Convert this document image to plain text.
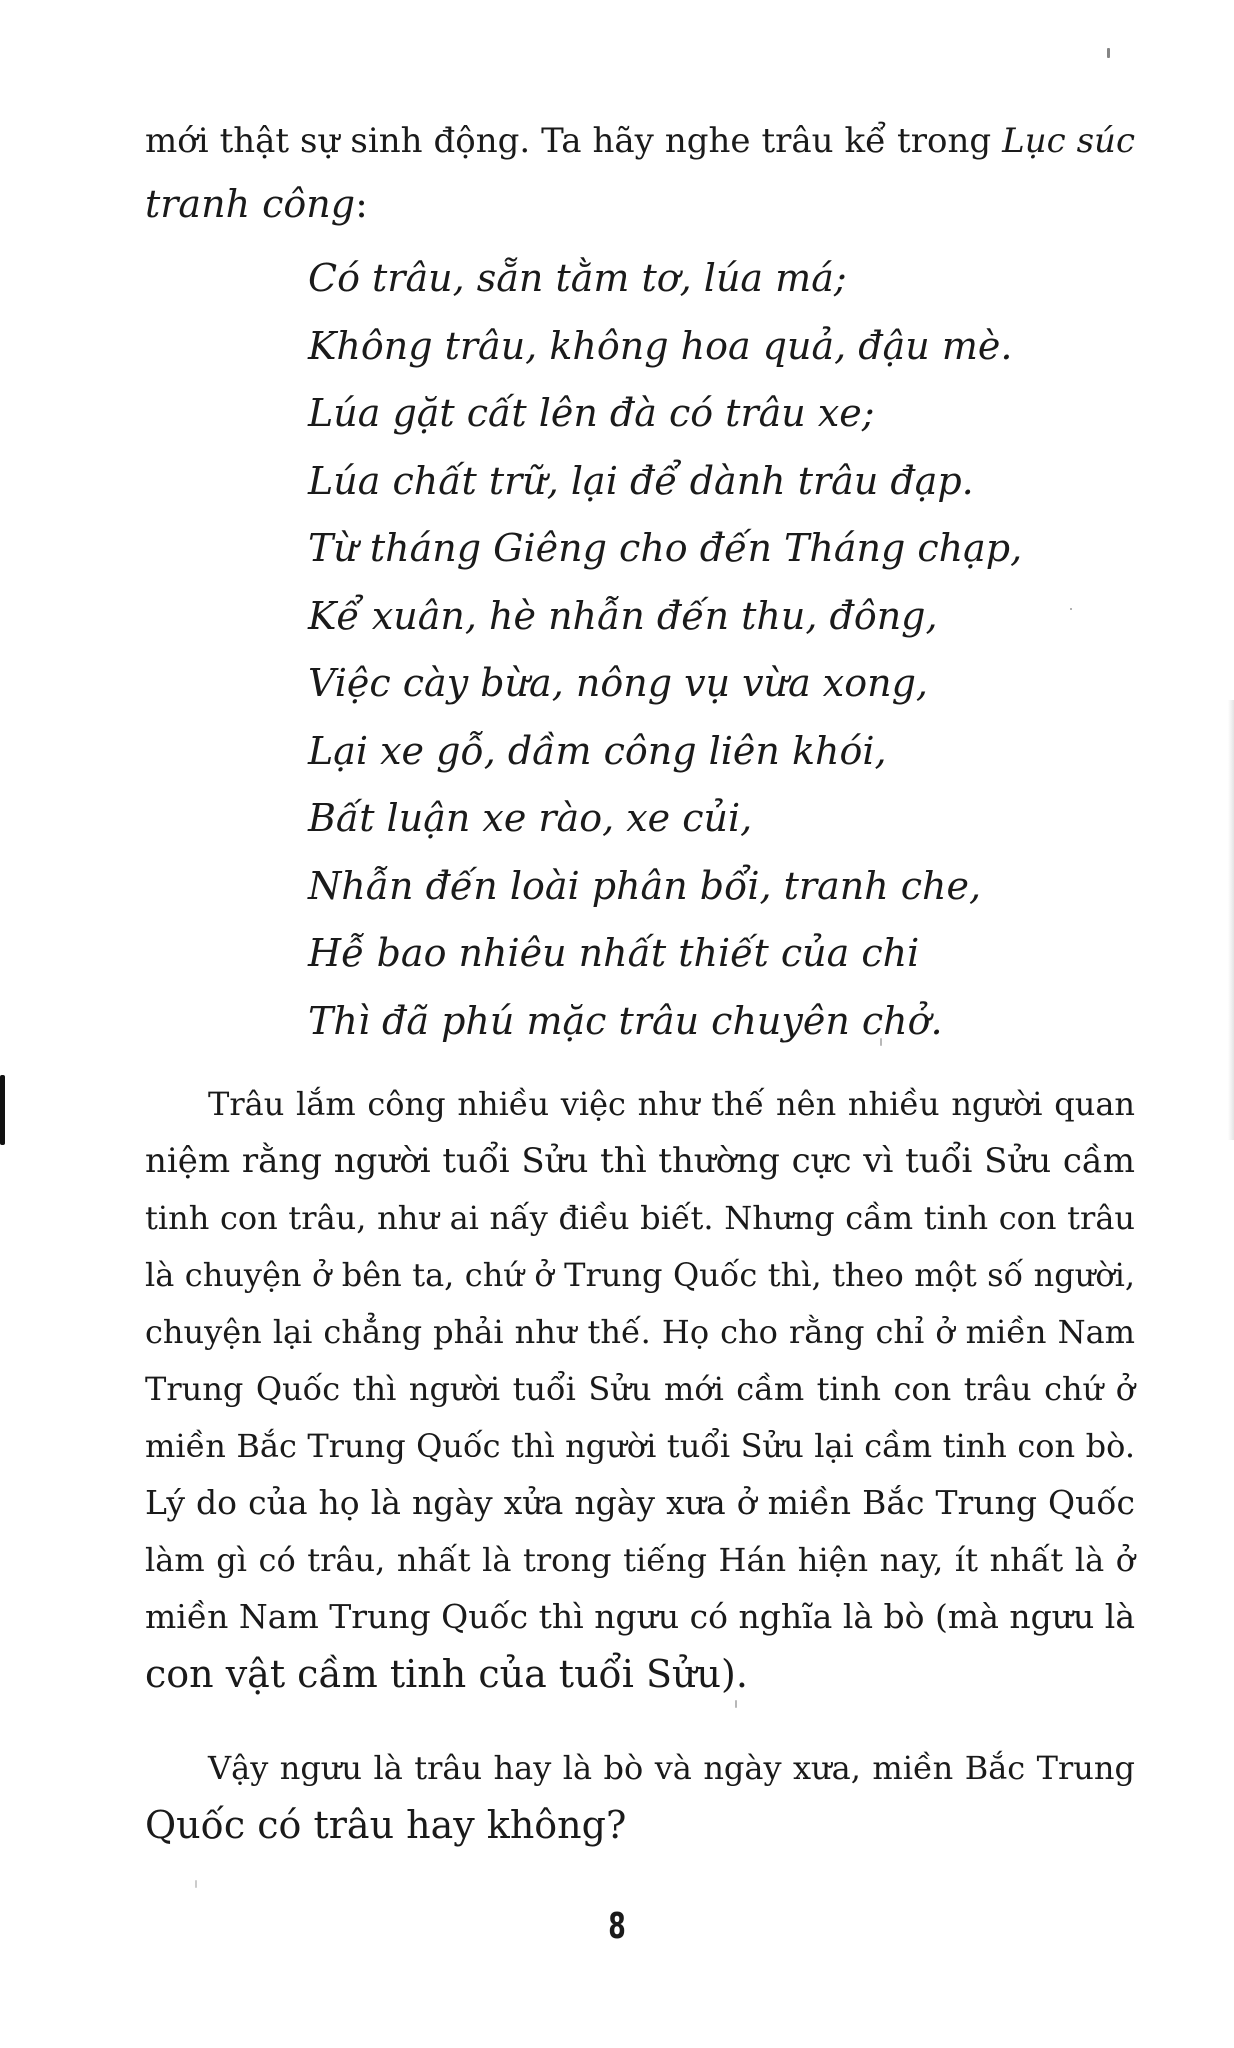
mới thật sự sinh động. Ta hãy nghe trâu kể trong Lục súc
tranh công:
Có trâu, sẵn tằm tơ, lúa má;
Không trâu, không hoa quả, đậu mè.
Lúa gặt cất lên đà có trâu xe;
Lúa chất trữ, lại để dành trâu đạp.
Từ tháng Giêng cho đến Tháng chạp,
Kể xuân, hè nhẫn đến thu, đông,
Việc cày bừa, nông vụ vừa xong,
Lại xe gỗ, dầm công liên khói,
Bất luận xe rào, xe củi,
Nhẫn đến loài phân bổi, tranh che,
Hễ bao nhiêu nhất thiết của chi
Thì đã phú mặc trâu chuyên chở.
Trâu lắm công nhiều việc như thế nên nhiều người quan
niệm rằng người tuổi Sửu thì thường cực vì tuổi Sửu cầm
tinh con trâu, như ai nấy điều biết. Nhưng cầm tinh con trâu
là chuyện ở bên ta, chứ ở Trung Quốc thì, theo một số người,
chuyện lại chẳng phải như thế. Họ cho rằng chỉ ở miền Nam
Trung Quốc thì người tuổi Sửu mới cầm tinh con trâu chứ ở
miền Bắc Trung Quốc thì người tuổi Sửu lại cầm tinh con bò.
Lý do của họ là ngày xửa ngày xưa ở miền Bắc Trung Quốc
làm gì có trâu, nhất là trong tiếng Hán hiện nay, ít nhất là ở
miền Nam Trung Quốc thì ngưu có nghĩa là bò (mà ngưu là
con vật cầm tinh của tuổi Sửu).
Vậy ngưu là trâu hay là bò và ngày xưa, miền Bắc Trung
Quốc có trâu hay không?
8
